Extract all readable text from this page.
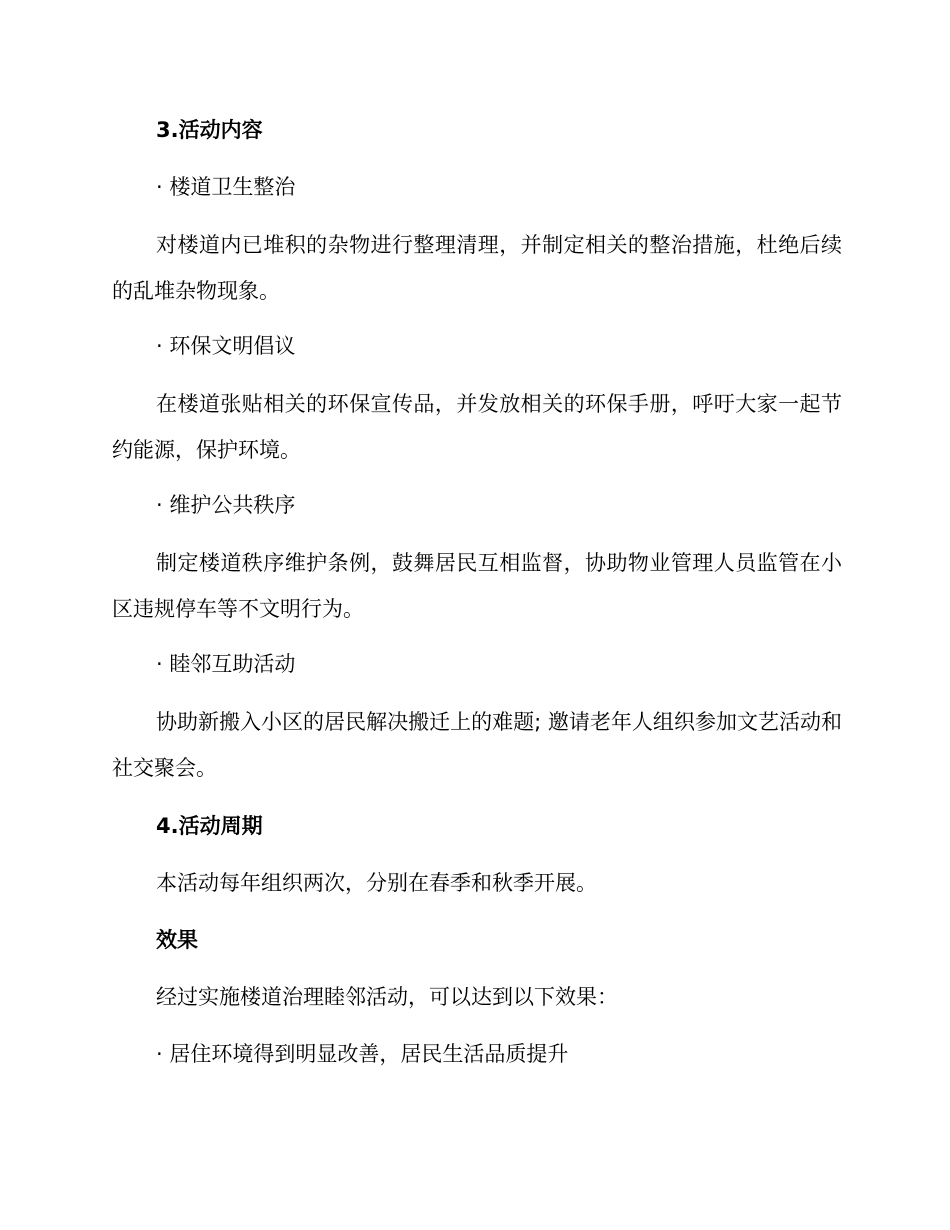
3.活动内容
· 楼道卫生整治

对楼道内已堆积的杂物进行整理清理，并制定相关的整治措施，杜绝后续的乱堆杂物现象。

· 环保文明倡议

在楼道张贴相关的环保宣传品，并发放相关的环保手册，呼吁大家一起节约能源，保护环境。

· 维护公共秩序

制定楼道秩序维护条例，鼓舞居民互相监督，协助物业管理人员监管在小区违规停车等不文明行为。

· 睦邻互助活动

协助新搬入小区的居民解决搬迁上的难题; 邀请老年人组织参加文艺活动和社交聚会。

4.活动周期
本活动每年组织两次，分别在春季和秋季开展。
效果
经过实施楼道治理睦邻活动，可以达到以下效果：
· 居住环境得到明显改善，居民生活品质提升
